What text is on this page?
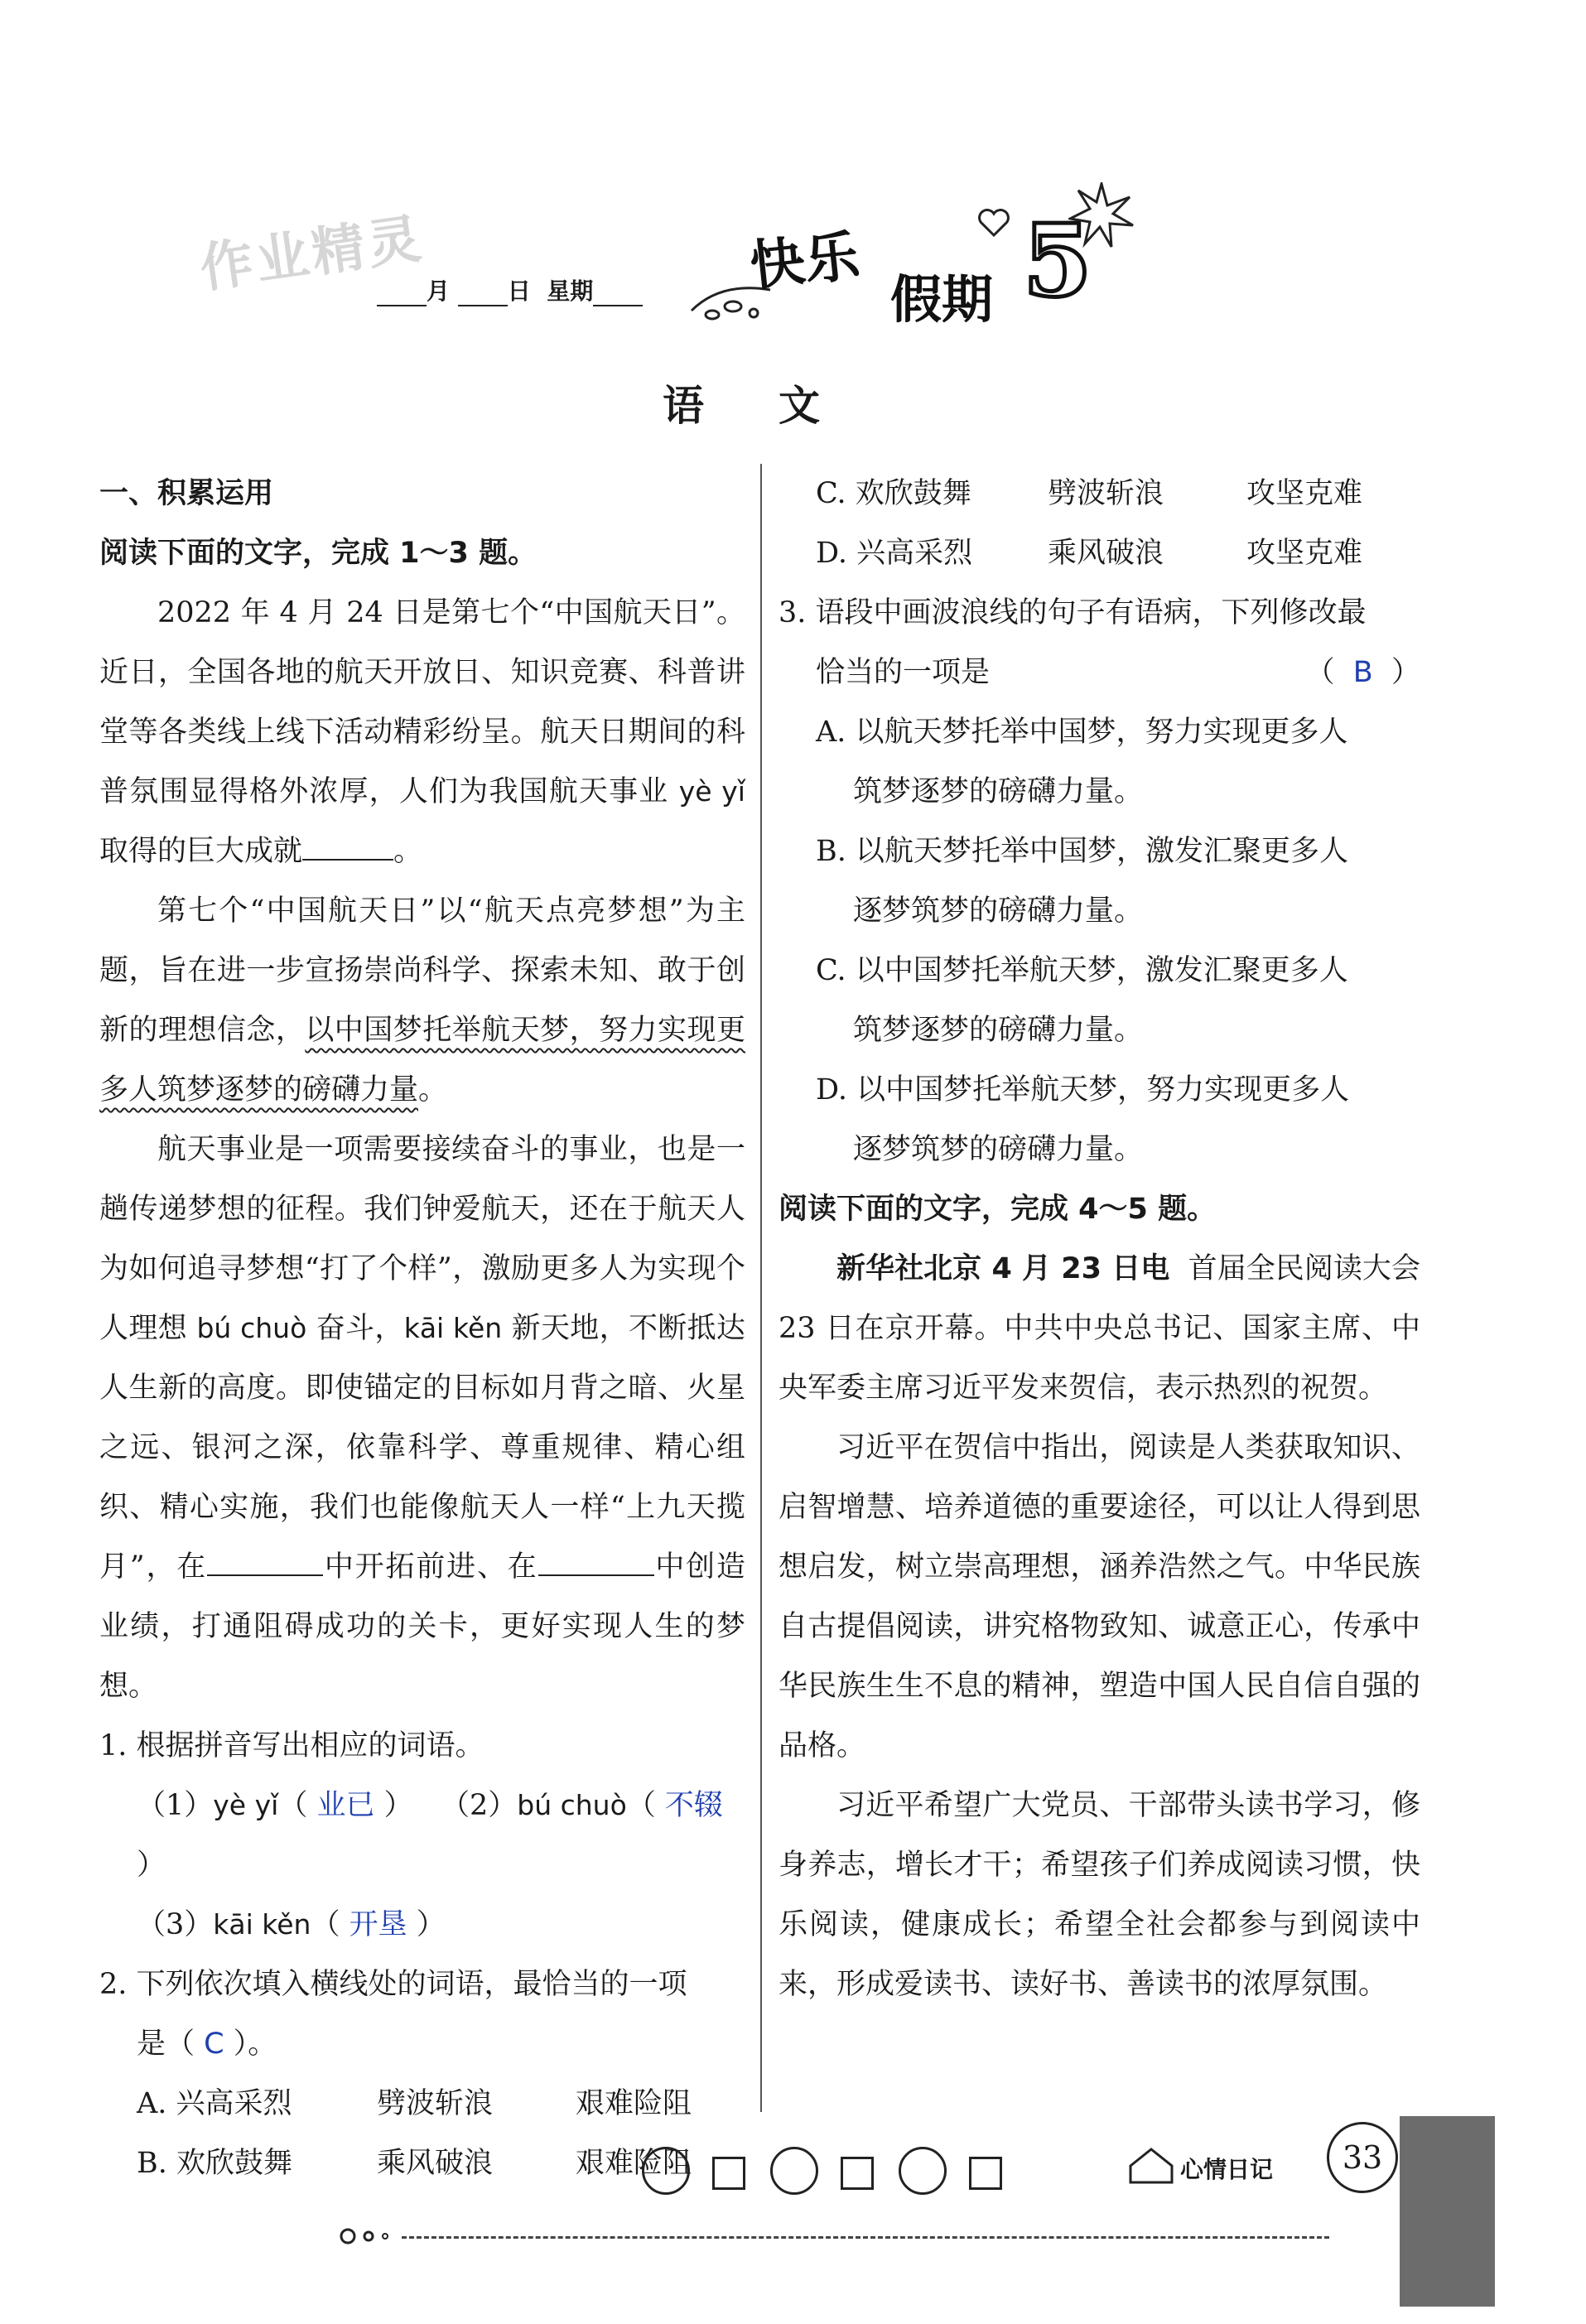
作业精灵
月 日 星期	快乐
假期 5
语文

一、积累运用

阅读下面的文字，完成 1～3 题。

2022 年 4 月 24 日是第七个“中国航天日”。近日，全国各地的航天开放日、知识竞赛、科普讲堂等各类线上线下活动精彩纷呈。航天日期间的科普氛围显得格外浓厚，人们为我国航天事业 yè yǐ 取得的巨大成就	。

第七个“中国航天日”以“航天点亮梦想”为主题，旨在进一步宣扬崇尚科学、探索未知、敢于创新的理想信念，以中国梦托举航天梦，努力实现更多人筑梦逐梦的磅礴力量。

航天事业是一项需要接续奋斗的事业，也是一趟传递梦想的征程。我们钟爱航天，还在于航天人为如何追寻梦想“打了个样”，激励更多人为实现个人理想 bú chuò 奋斗，kāi kěn 新天地，不断抵达人生新的高度。即使锚定的目标如月背之暗、火星之远、银河之深，依靠科学、尊重规律、精心组织、精心实施，我们也能像航天人一样“上九天揽月”，在	中开拓前进、在	中创造业绩，打通阻碍成功的关卡，更好实现人生的梦想。

1. 根据拼音写出相应的词语。

（1）yè yǐ（ 业已 ）   （2）bú chuò（ 不辍 ）

（3）kāi kěn（ 开垦 ）

2. 下列依次填入横线处的词语，最恰当的一项

是（ C ）。

A. 兴高采烈	劈波斩浪	艰难险阻
B. 欢欣鼓舞	乘风破浪	艰难险阻
C. 欢欣鼓舞	劈波斩浪	攻坚克难
D. 兴高采烈	乘风破浪	攻坚克难

3. 语段中画波浪线的句子有语病，下列修改最

恰当的一项是	（  B  ）

A. 以航天梦托举中国梦，努力实现更多人

筑梦逐梦的磅礴力量。

B. 以航天梦托举中国梦，激发汇聚更多人

逐梦筑梦的磅礴力量。

C. 以中国梦托举航天梦，激发汇聚更多人

筑梦逐梦的磅礴力量。

D. 以中国梦托举航天梦，努力实现更多人

逐梦筑梦的磅礴力量。

阅读下面的文字，完成 4～5 题。

新华社北京 4 月 23 日电 首届全民阅读大会 23 日在京开幕。中共中央总书记、国家主席、中央军委主席习近平发来贺信，表示热烈的祝贺。

习近平在贺信中指出，阅读是人类获取知识、启智增慧、培养道德的重要途径，可以让人得到思想启发，树立崇高理想，涵养浩然之气。中华民族自古提倡阅读，讲究格物致知、诚意正心，传承中华民族生生不息的精神，塑造中国人民自信自强的品格。

习近平希望广大党员、干部带头读书学习，修身养志，增长才干；希望孩子们养成阅读习惯，快乐阅读，健康成长；希望全社会都参与到阅读中来，形成爱读书、读好书、善读书的浓厚氛围。

心情日记	33
